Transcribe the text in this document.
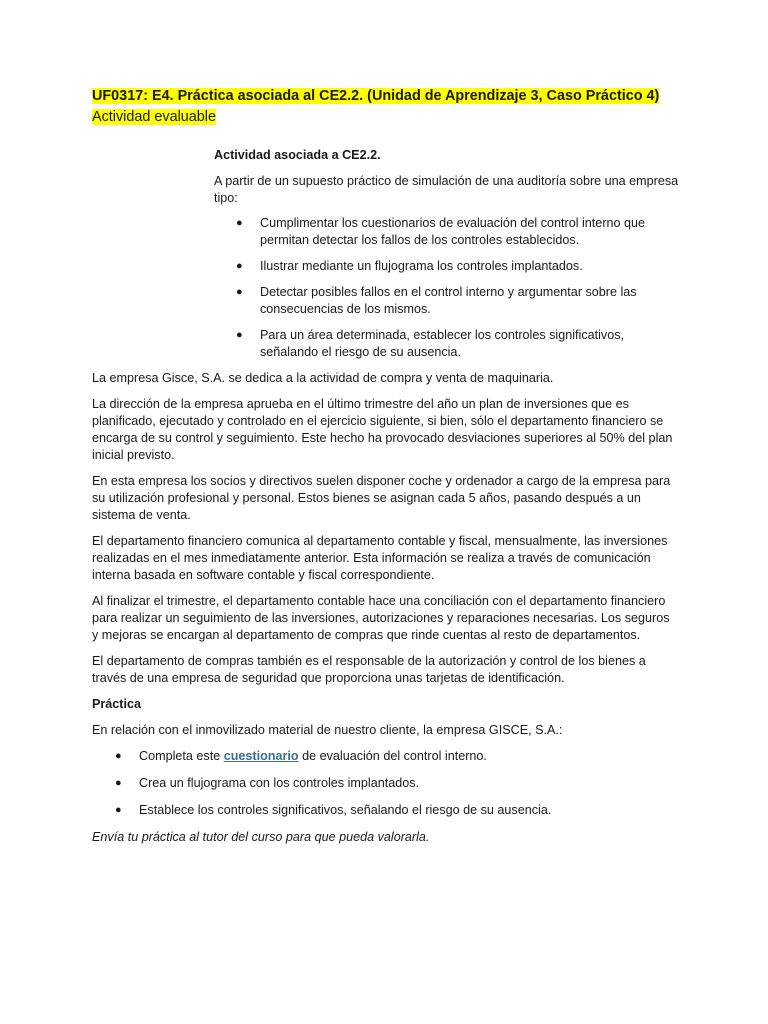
UF0317: E4. Práctica asociada al CE2.2. (Unidad de Aprendizaje 3, Caso Práctico 4)

Actividad evaluable

Actividad asociada a CE2.2.

A partir de un supuesto práctico de simulación de una auditoría sobre una empresa tipo:

● Cumplimentar los cuestionarios de evaluación del control interno que permitan detectar los fallos de los controles establecidos.
● Ilustrar mediante un flujograma los controles implantados.
● Detectar posibles fallos en el control interno y argumentar sobre las consecuencias de los mismos.
● Para un área determinada, establecer los controles significativos, señalando el riesgo de su ausencia.

La empresa Gisce, S.A. se dedica a la actividad de compra y venta de maquinaria.

La dirección de la empresa aprueba en el último trimestre del año un plan de inversiones que es planificado, ejecutado y controlado en el ejercicio siguiente, si bien, sólo el departamento financiero se encarga de su control y seguimiento. Este hecho ha provocado desviaciones superiores al 50% del plan inicial previsto.

En esta empresa los socios y directivos suelen disponer coche y ordenador a cargo de la empresa para su utilización profesional y personal. Estos bienes se asignan cada 5 años, pasando después a un sistema de venta.

El departamento financiero comunica al departamento contable y fiscal, mensualmente, las inversiones realizadas en el mes inmediatamente anterior. Esta información se realiza a través de comunicación interna basada en software contable y fiscal correspondiente.

Al finalizar el trimestre, el departamento contable hace una conciliación con el departamento financiero para realizar un seguimiento de las inversiones, autorizaciones y reparaciones necesarias. Los seguros y mejoras se encargan al departamento de compras que rinde cuentas al resto de departamentos.

El departamento de compras también es el responsable de la autorización y control de los bienes a través de una empresa de seguridad que proporciona unas tarjetas de identificación.

Práctica

En relación con el inmovilizado material de nuestro cliente, la empresa GISCE, S.A.:

● Completa este cuestionario de evaluación del control interno.
● Crea un flujograma con los controles implantados.
● Establece los controles significativos, señalando el riesgo de su ausencia.

Envía tu práctica al tutor del curso para que pueda valorarla.
